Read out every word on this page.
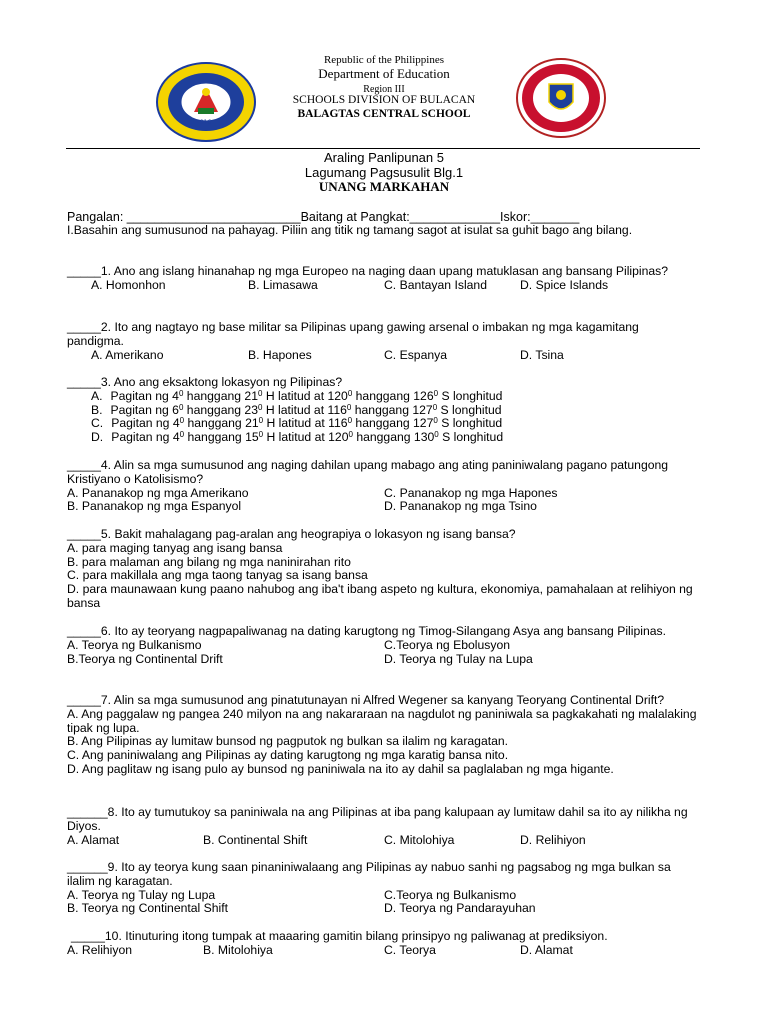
1916
Republic of the Philippines
Department of Education
Region III
SCHOOLS DIVISION OF BULACAN
BALAGTAS CENTRAL SCHOOL
Araling Panlipunan 5
Lagumang Pagsusulit Blg.1
UNANG MARKAHAN
Pangalan: _________________________Baitang at Pangkat:_____________Iskor:_______
I.Basahin ang sumusunod na pahayag. Piliin ang titik ng tamang sagot at isulat sa guhit bago ang bilang.

_____1. Ano ang islang hinanahap ng mga Europeo na naging daan upang matuklasan ang bansang Pilipinas?

A. Homonhon	B. Limasawa	C. Bantayan Island	D. Spice Islands

_____2. Ito ang nagtayo ng base militar sa Pilipinas upang gawing arsenal o imbakan ng mga kagamitang pandigma.

A. Amerikano	B. Hapones	C. Espanya	D. Tsina

_____3. Ano ang eksaktong lokasyon ng Pilipinas?

A. Pagitan ng $4^0$ hanggang $21^0$ H latitud at $120^0$ hanggang $126^0$ S longhitud
B. Pagitan ng $6^0$ hanggang $23^0$ H latitud at $116^0$ hanggang $127^0$ S longhitud
C. Pagitan ng $4^0$ hanggang $21^0$ H latitud at $116^0$ hanggang $127^0$ S longhitud
D. Pagitan ng $4^0$ hanggang $15^0$ H latitud at $120^0$ hanggang $130^0$ S longhitud

_____4. Alin sa mga sumusunod ang naging dahilan upang mabago ang ating paniniwalang pagano patungong Kristiyano o Katolisismo?

A. Pananakop ng mga Amerikano	C. Pananakop ng mga Hapones
B. Pananakop ng mga Espanyol	D. Pananakop ng mga Tsino

_____5. Bakit mahalagang pag-aralan ang heograpiya o lokasyon ng isang bansa?

A. para maging tanyag ang isang bansa

B. para malaman ang bilang ng mga naninirahan rito

C. para makillala ang mga taong tanyag sa isang bansa

D. para maunawaan kung paano nahubog ang iba't ibang aspeto ng kultura, ekonomiya, pamahalaan at relihiyon ng bansa

_____6. Ito ay teoryang nagpapaliwanag na dating karugtong ng Timog-Silangang Asya ang bansang Pilipinas.

A. Teorya ng Bulkanismo	C.Teorya ng Ebolusyon
B.Teorya ng Continental Drift	D. Teorya ng Tulay na Lupa

_____7. Alin sa mga sumusunod ang pinatutunayan ni Alfred Wegener sa kanyang Teoryang Continental Drift?

A. Ang paggalaw ng pangea 240 milyon na ang nakararaan na nagdulot ng paniniwala sa pagkakahati ng malalaking tipak ng lupa.

B. Ang Pilipinas ay lumitaw bunsod ng pagputok ng bulkan sa ilalim ng karagatan.

C. Ang paniniwalang ang Pilipinas ay dating karugtong ng mga karatig bansa nito.

D. Ang paglitaw ng isang pulo ay bunsod ng paniniwala na ito ay dahil sa paglalaban ng mga higante.

______8. Ito ay tumutukoy sa paniniwala na ang Pilipinas at iba pang kalupaan ay lumitaw dahil sa ito ay nilikha ng Diyos.

A. Alamat	B. Continental Shift	C. Mitolohiya	D. Relihiyon

______9. Ito ay teorya kung saan pinaniniwalaang ang Pilipinas ay nabuo sanhi ng pagsabog ng mga bulkan sa ilalim ng karagatan.

A. Teorya ng Tulay ng Lupa	C.Teorya ng Bulkanismo
B. Teorya ng Continental Shift	D. Teorya ng Pandarayuhan

_____10. Itinuturing itong tumpak at maaaring gamitin bilang prinsipyo ng paliwanag at prediksiyon.

A. Relihiyon	B. Mitolohiya	C. Teorya	D. Alamat
